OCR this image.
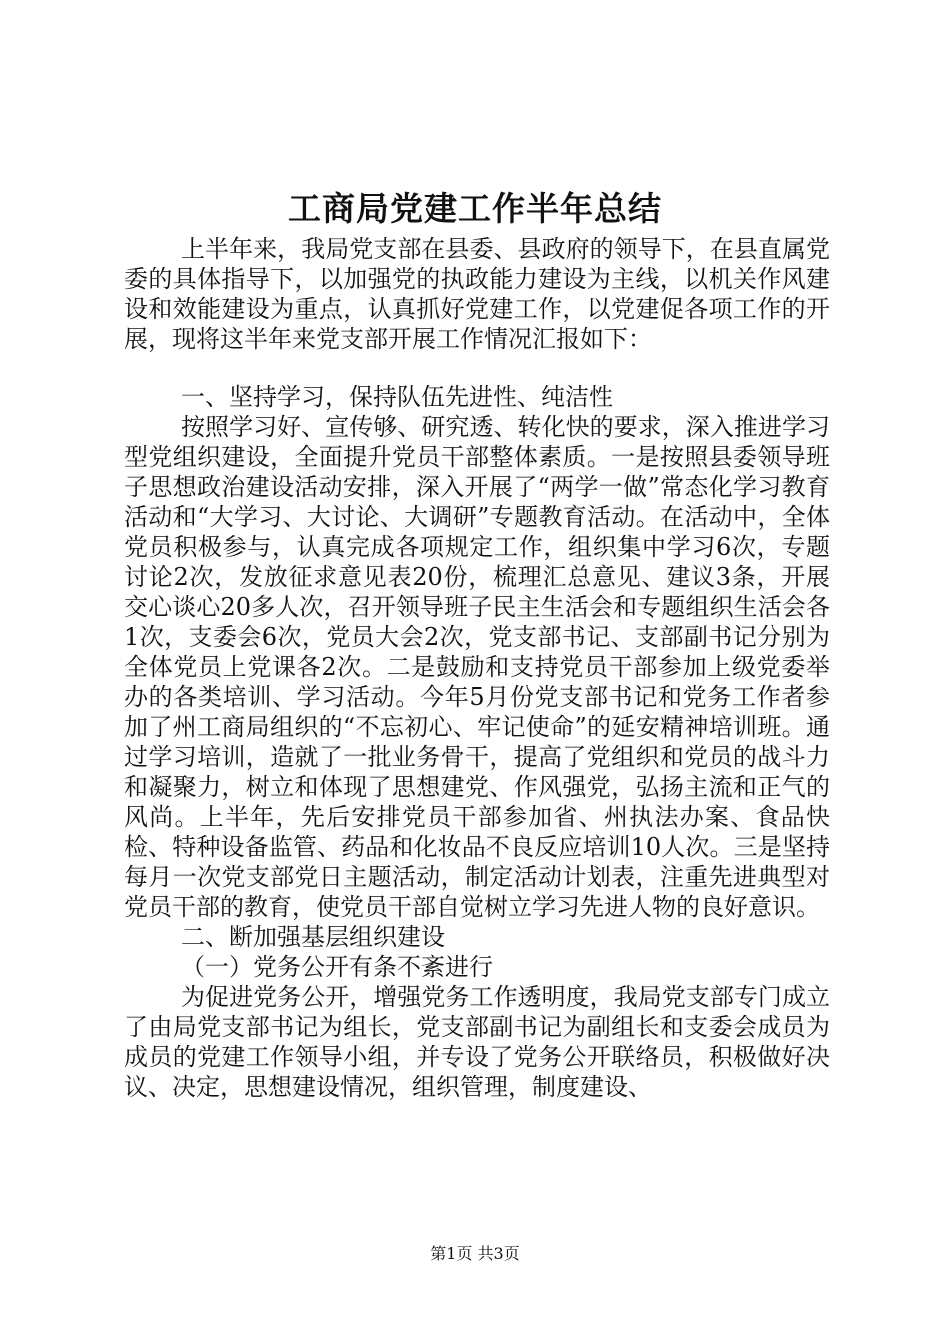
工商局党建工作半年总结

上半年来，我局党支部在县委、县政府的领导下，在县直属党委的具体指导下，以加强党的执政能力建设为主线，以机关作风建设和效能建设为重点，认真抓好党建工作，以党建促各项工作的开展，现将这半年来党支部开展工作情况汇报如下：

一、坚持学习，保持队伍先进性、纯洁性

按照学习好、宣传够、研究透、转化快的要求，深入推进学习型党组织建设，全面提升党员干部整体素质。一是按照县委领导班子思想政治建设活动安排，深入开展了“两学一做”常态化学习教育活动和“大学习、大讨论、大调研”专题教育活动。在活动中，全体党员积极参与，认真完成各项规定工作，组织集中学习6次，专题讨论2次，发放征求意见表20份，梳理汇总意见、建议3条，开展交心谈心20多人次，召开领导班子民主生活会和专题组织生活会各1次，支委会6次，党员大会2次，党支部书记、支部副书记分别为全体党员上党课各2次。二是鼓励和支持党员干部参加上级党委举办的各类培训、学习活动。今年5月份党支部书记和党务工作者参加了州工商局组织的“不忘初心、牢记使命”的延安精神培训班。通过学习培训，造就了一批业务骨干，提高了党组织和党员的战斗力和凝聚力，树立和体现了思想建党、作风强党，弘扬主流和正气的风尚。上半年，先后安排党员干部参加省、州执法办案、食品快检、特种设备监管、药品和化妆品不良反应培训10人次。三是坚持每月一次党支部党日主题活动，制定活动计划表，注重先进典型对党员干部的教育，使党员干部自觉树立学习先进人物的良好意识。

二、断加强基层组织建设

（一）党务公开有条不紊进行

为促进党务公开，增强党务工作透明度，我局党支部专门成立了由局党支部书记为组长，党支部副书记为副组长和支委会成员为成员的党建工作领导小组，并专设了党务公开联络员，积极做好决议、决定，思想建设情况，组织管理，制度建设、

第1页 共3页
